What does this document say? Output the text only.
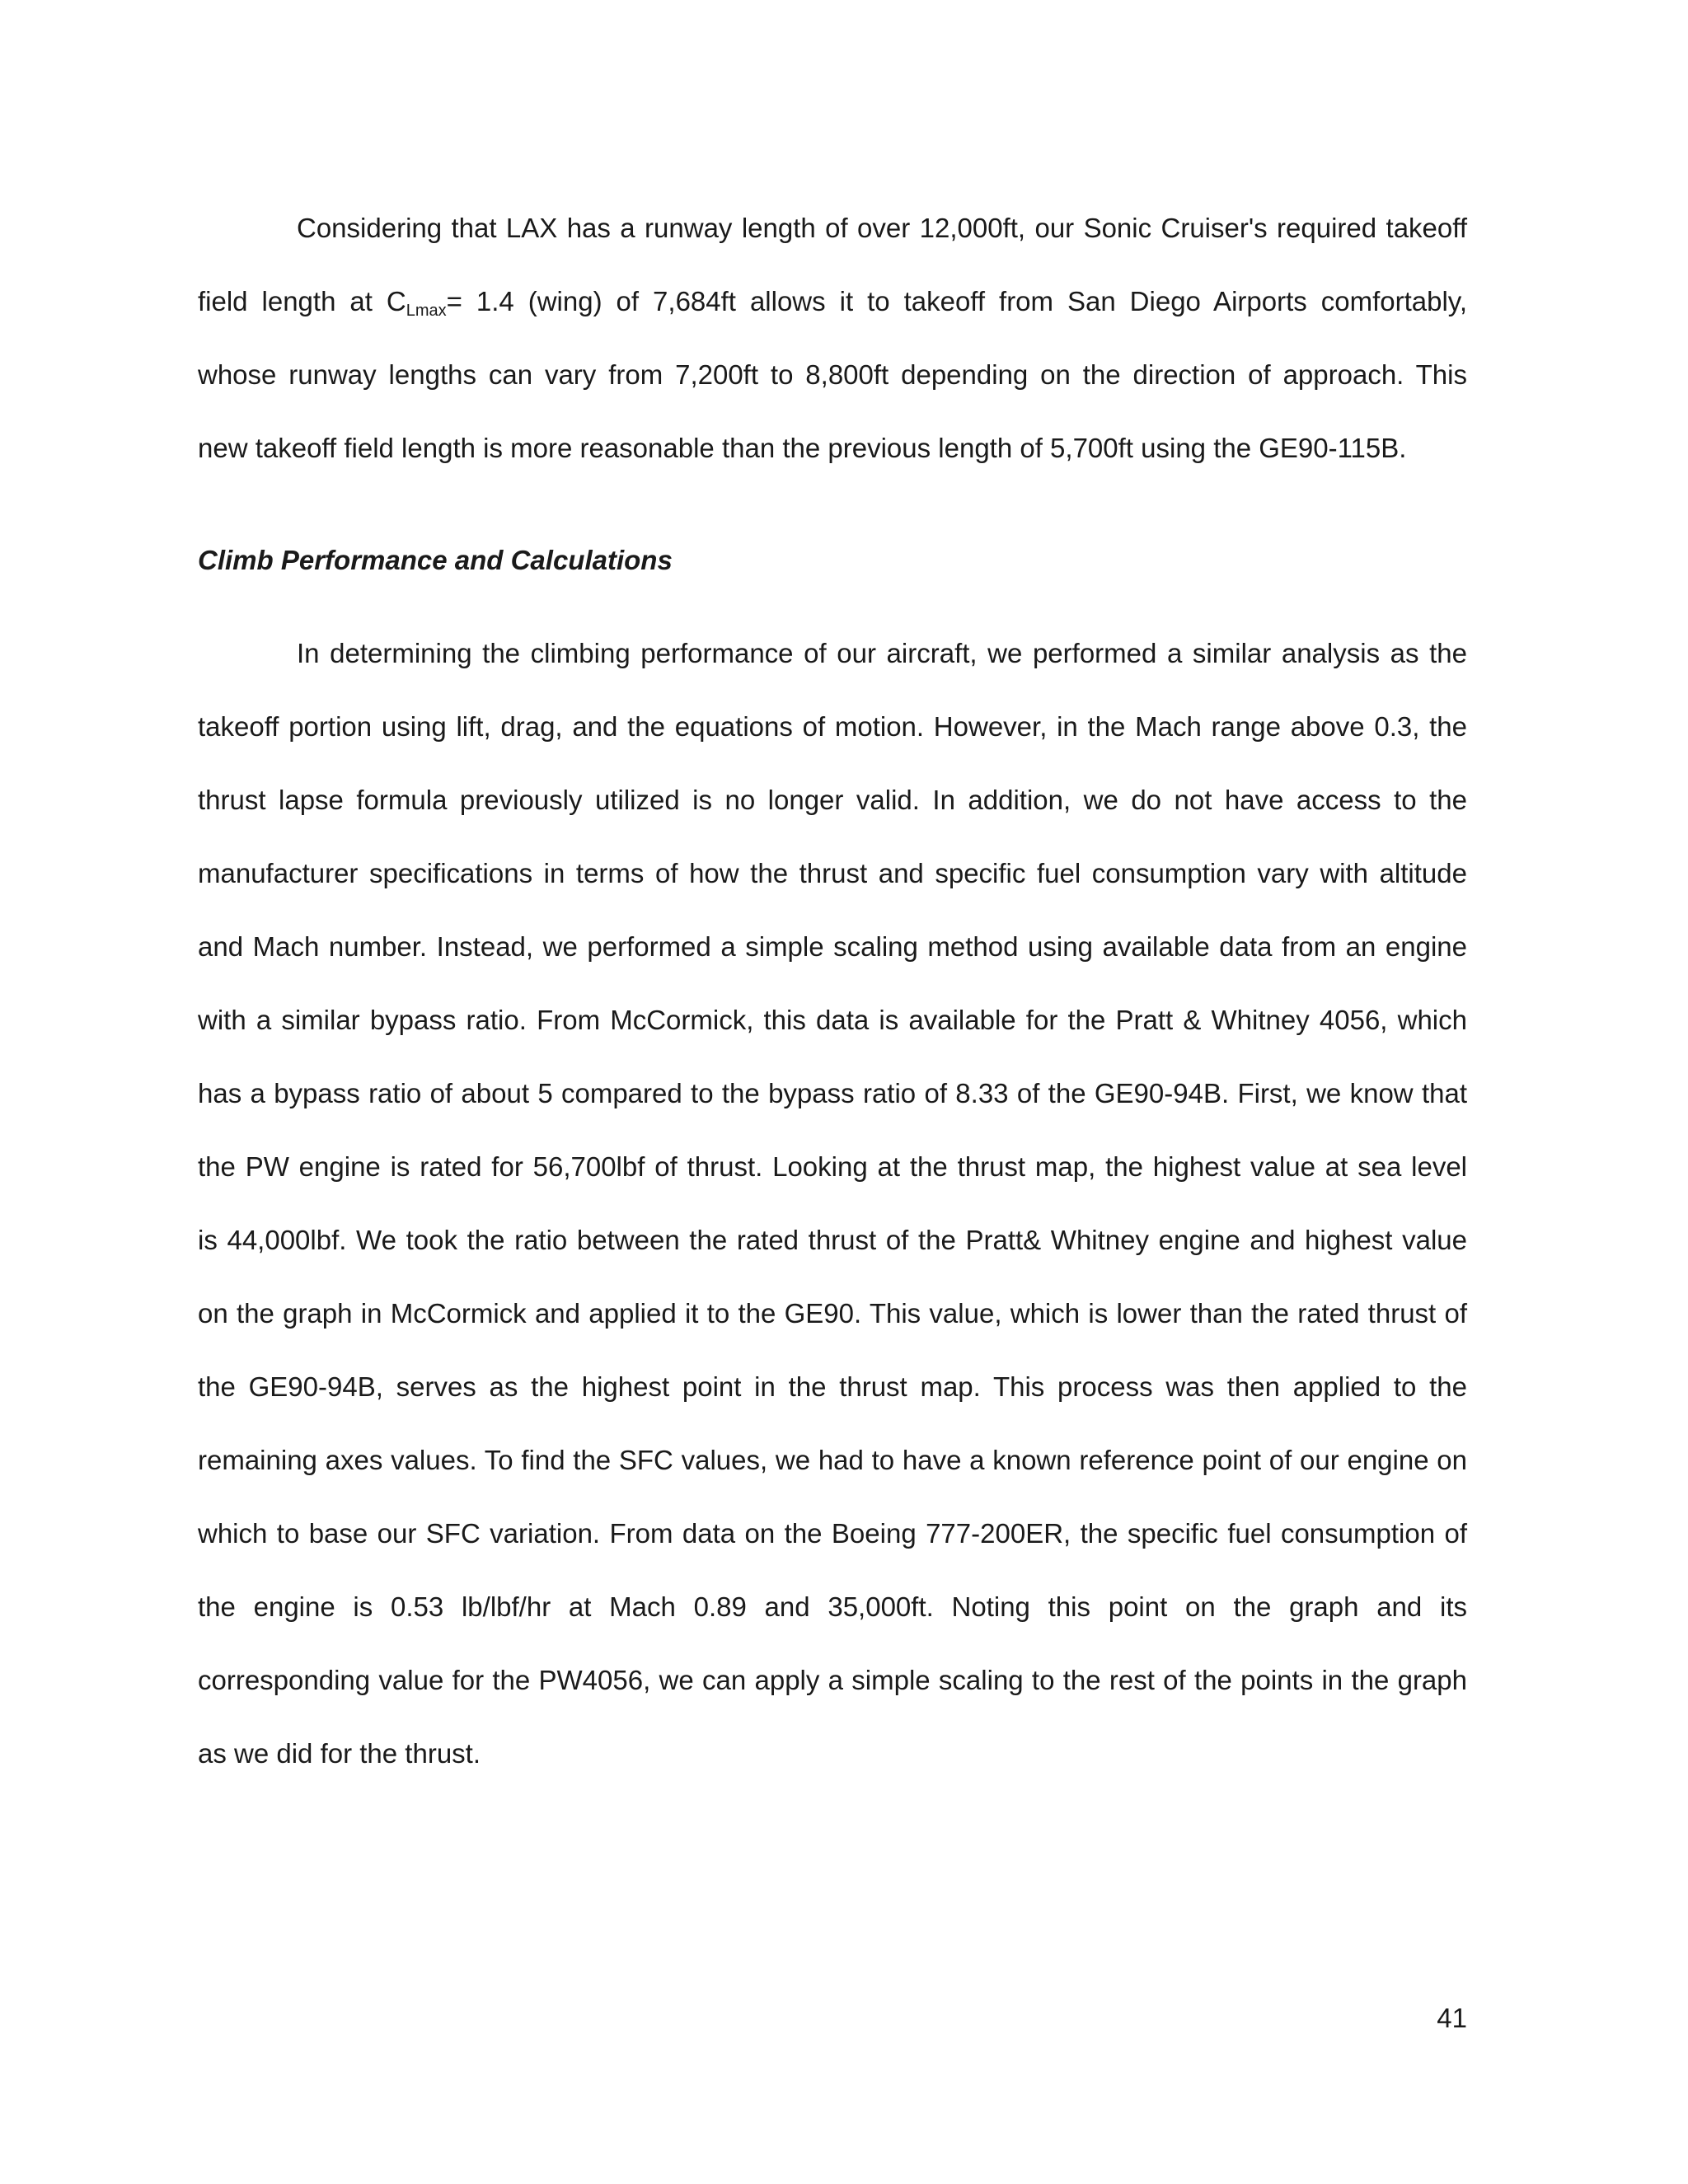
Considering that LAX has a runway length of over 12,000ft, our Sonic Cruiser's required takeoff
field length at $C_{Lmax}= 1.4$ (wing) of 7,684ft allows it to takeoff from San Diego Airports comfortably,
whose runway lengths can vary from 7,200ft to 8,800ft depending on the direction of approach. This
new takeoff field length is more reasonable than the previous length of 5,700ft using the GE90-115B.
Climb Performance and Calculations
In determining the climbing performance of our aircraft, we performed a similar analysis as the
takeoff portion using lift, drag, and the equations of motion. However, in the Mach range above 0.3, the
thrust lapse formula previously utilized is no longer valid. In addition, we do not have access to the
manufacturer specifications in terms of how the thrust and specific fuel consumption vary with altitude
and Mach number. Instead, we performed a simple scaling method using available data from an engine
with a similar bypass ratio. From McCormick, this data is available for the Pratt & Whitney 4056, which
has a bypass ratio of about 5 compared to the bypass ratio of 8.33 of the GE90-94B. First, we know that
the PW engine is rated for 56,700lbf of thrust. Looking at the thrust map, the highest value at sea level
is 44,000lbf. We took the ratio between the rated thrust of the Pratt& Whitney engine and highest value
on the graph in McCormick and applied it to the GE90. This value, which is lower than the rated thrust of
the GE90-94B, serves as the highest point in the thrust map. This process was then applied to the
remaining axes values. To find the SFC values, we had to have a known reference point of our engine on
which to base our SFC variation. From data on the Boeing 777-200ER, the specific fuel consumption of
the engine is 0.53 lb/lbf/hr at Mach 0.89 and 35,000ft. Noting this point on the graph and its
corresponding value for the PW4056, we can apply a simple scaling to the rest of the points in the graph
as we did for the thrust.
41
